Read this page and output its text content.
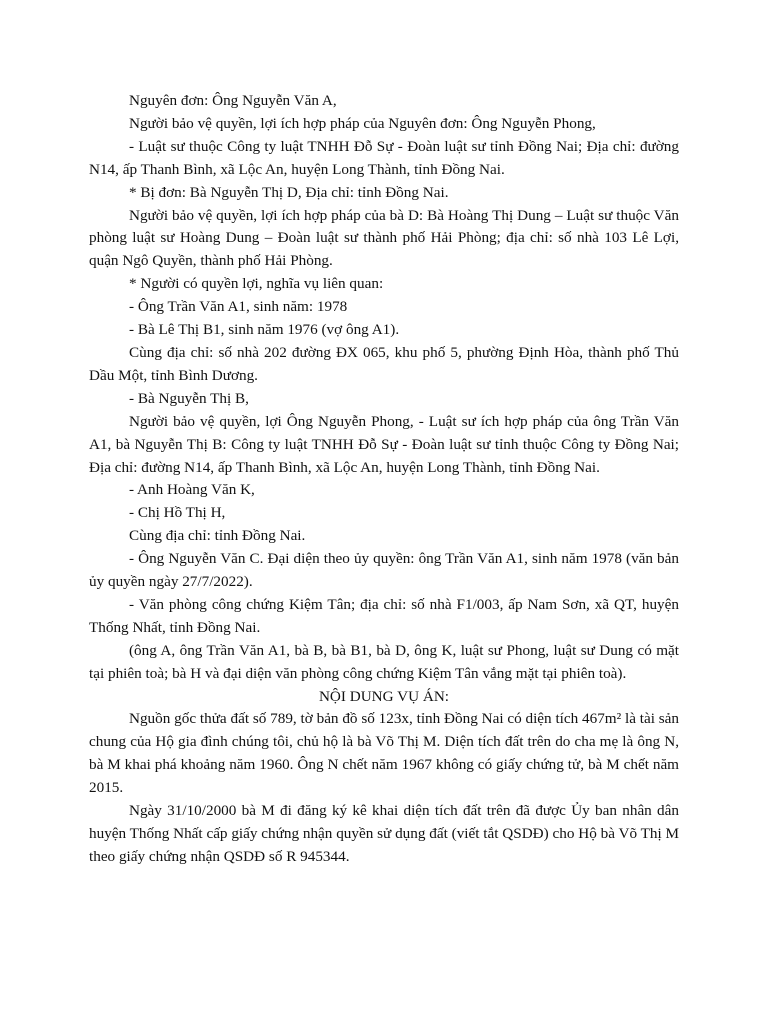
Nguyên đơn: Ông Nguyễn Văn A,

Người bảo vệ quyền, lợi ích hợp pháp của Nguyên đơn: Ông Nguyễn Phong,

- Luật sư thuộc Công ty luật TNHH Đỗ Sự - Đoàn luật sư tỉnh Đồng Nai; Địa chỉ: đường N14, ấp Thanh Bình, xã Lộc An, huyện Long Thành, tỉnh Đồng Nai.

* Bị đơn: Bà Nguyễn Thị D, Địa chỉ: tỉnh Đồng Nai.

Người bảo vệ quyền, lợi ích hợp pháp của bà D: Bà Hoàng Thị Dung – Luật sư thuộc Văn phòng luật sư Hoàng Dung – Đoàn luật sư thành phố Hải Phòng; địa chỉ: số nhà 103 Lê Lợi, quận Ngô Quyền, thành phố Hải Phòng.

* Người có quyền lợi, nghĩa vụ liên quan:

- Ông Trần Văn A1, sinh năm: 1978

- Bà Lê Thị B1, sinh năm 1976 (vợ ông A1).

Cùng địa chỉ: số nhà 202 đường ĐX 065, khu phố 5, phường Định Hòa, thành phố Thủ Dầu Một, tỉnh Bình Dương.

- Bà Nguyễn Thị B,

Người bảo vệ quyền, lợi Ông Nguyễn Phong, - Luật sư ích hợp pháp của ông Trần Văn A1, bà Nguyễn Thị B: Công ty luật TNHH Đỗ Sự - Đoàn luật sư tỉnh thuộc Công ty Đồng Nai; Địa chỉ: đường N14, ấp Thanh Bình, xã Lộc An, huyện Long Thành, tỉnh Đồng Nai.

- Anh Hoàng Văn K,

- Chị Hồ Thị H,

Cùng địa chỉ: tỉnh Đồng Nai.

- Ông Nguyễn Văn C. Đại diện theo ủy quyền: ông Trần Văn A1, sinh năm 1978 (văn bản ủy quyền ngày 27/7/2022).

- Văn phòng công chứng Kiệm Tân; địa chỉ: số nhà F1/003, ấp Nam Sơn, xã QT, huyện Thống Nhất, tỉnh Đồng Nai.

(ông A, ông Trần Văn A1, bà B, bà B1, bà D, ông K, luật sư Phong, luật sư Dung có mặt tại phiên toà; bà H và đại diện văn phòng công chứng Kiệm Tân vắng mặt tại phiên toà).

NỘI DUNG VỤ ÁN:

Nguồn gốc thửa đất số 789, tờ bản đồ số 123x, tỉnh Đồng Nai có diện tích 467m² là tài sản chung của Hộ gia đình chúng tôi, chủ hộ là bà Võ Thị M. Diện tích đất trên do cha mẹ là ông N, bà M khai phá khoảng năm 1960. Ông N chết năm 1967 không có giấy chứng tử, bà M chết năm 2015.

Ngày 31/10/2000 bà M đi đăng ký kê khai diện tích đất trên đã được Ủy ban nhân dân huyện Thống Nhất cấp giấy chứng nhận quyền sử dụng đất (viết tắt QSDĐ) cho Hộ bà Võ Thị M theo giấy chứng nhận QSDĐ số R 945344.
